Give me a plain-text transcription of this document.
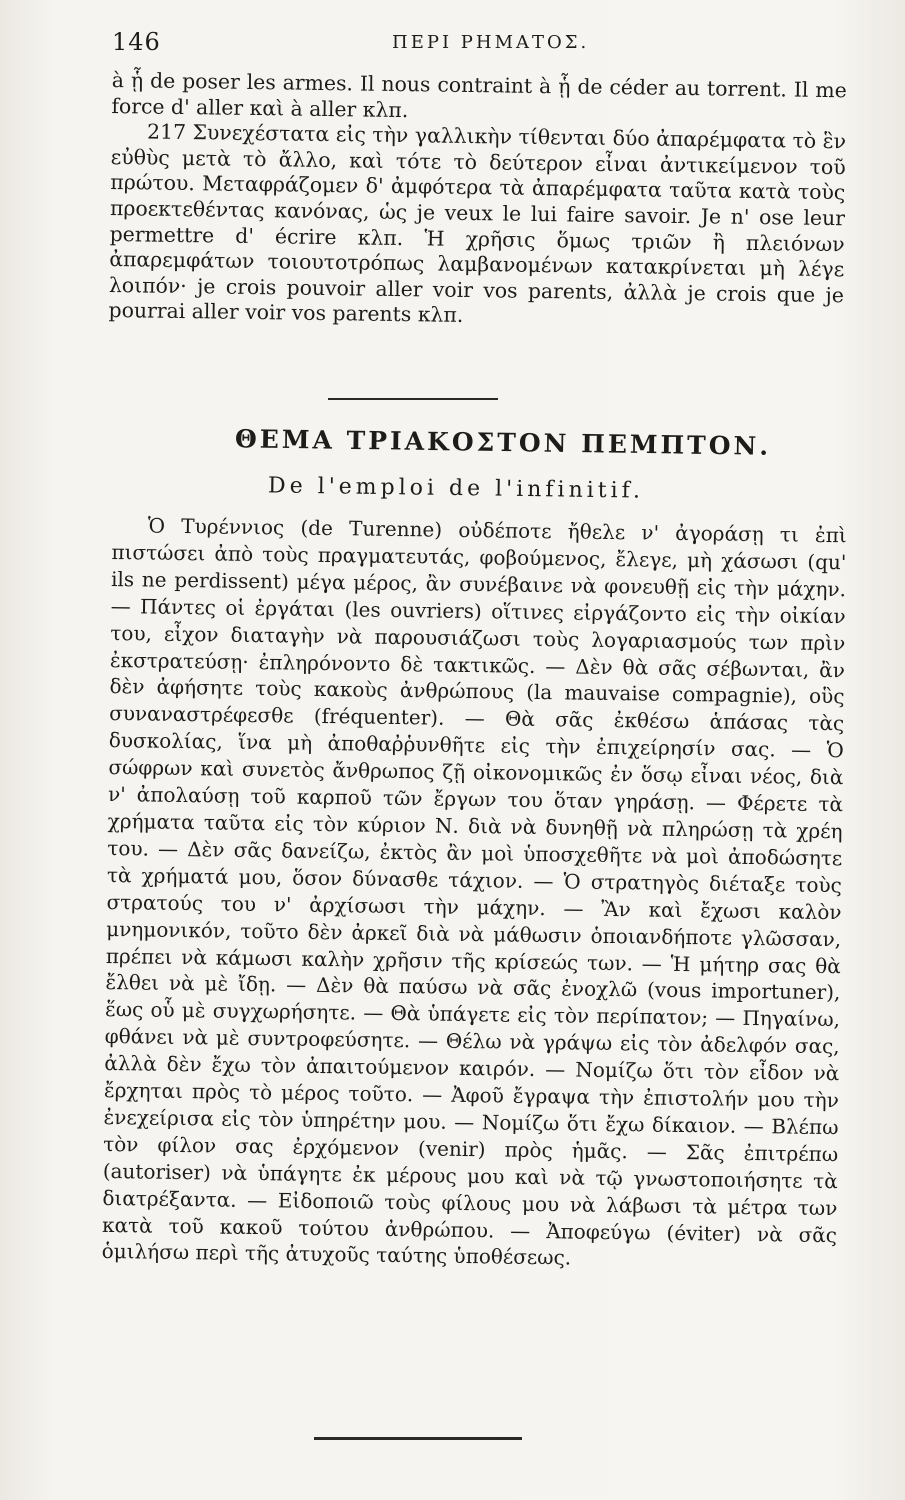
146	ΠΕΡΙ ΡΗΜΑΤΟΣ.

à ᾗ de poser les armes. Il nous contraint à ᾗ de céder au torrent. Il me force d' aller καὶ à aller κλπ.

217 Συνεχέστατα εἰς τὴν γαλλικὴν τίθενται δύο ἀπαρέμφατα τὸ ἓν εὐθὺς μετὰ τὸ ἄλλο, καὶ τότε τὸ δεύτερον εἶναι ἀντικείμενον τοῦ πρώτου. Μεταφράζομεν δ' ἀμφότερα τὰ ἀπαρέμφατα ταῦτα κατὰ τοὺς προεκτεθέντας κανόνας, ὡς je veux le lui faire savoir. Je n' ose leur permettre d' écrire κλπ. Ἡ χρῆσις ὅμως τριῶν ἢ πλειόνων ἀπαρεμφάτων τοιουτοτρόπως λαμβανομένων κατακρίνεται μὴ λέγε λοιπόν· je crois pouvoir aller voir vos parents, ἀλλὰ je crois que je pourrai aller voir vos parents κλπ.

ΘΕΜΑ ΤΡΙΑΚΟΣΤΟΝ ΠΕΜΠΤΟΝ.
De l'emploi de l'infinitif.

Ὁ Τυρέννιος (de Turenne) οὐδέποτε ἤθελε ν' ἀγοράσῃ τι ἐπὶ πιστώσει ἀπὸ τοὺς πραγματευτάς, φοβούμενος, ἔλεγε, μὴ χάσωσι (qu' ils ne perdissent) μέγα μέρος, ἂν συνέβαινε νὰ φονευθῇ εἰς τὴν μάχην. — Πάντες οἱ ἐργάται (les ouvriers) οἵτινες εἰργάζοντο εἰς τὴν οἰκίαν του, εἶχον διαταγὴν νὰ παρουσιάζωσι τοὺς λογαριασμούς των πρὶν ἐκστρατεύσῃ· ἐπληρόνοντο δὲ τακτικῶς. — Δὲν θὰ σᾶς σέβωνται, ἂν δὲν ἀφήσητε τοὺς κακοὺς ἀνθρώπους (la mauvaise compagnie), οὓς συναναστρέφεσθε (fréquenter). — Θὰ σᾶς ἐκθέσω ἁπάσας τὰς δυσκολίας, ἵνα μὴ ἀποθαῤῥυνθῆτε εἰς τὴν ἐπιχείρησίν σας. — Ὁ σώφρων καὶ συνετὸς ἄνθρωπος ζῇ οἰκονομικῶς ἐν ὅσῳ εἶναι νέος, διὰ ν' ἀπολαύσῃ τοῦ καρποῦ τῶν ἔργων του ὅταν γηράσῃ. — Φέρετε τὰ χρήματα ταῦτα εἰς τὸν κύριον Ν. διὰ νὰ δυνηθῇ νὰ πληρώσῃ τὰ χρέη του. — Δὲν σᾶς δανείζω, ἐκτὸς ἂν μοὶ ὑποσχεθῆτε νὰ μοὶ ἀποδώσητε τὰ χρήματά μου, ὅσον δύνασθε τάχιον. — Ὁ στρατηγὸς διέταξε τοὺς στρατούς του ν' ἀρχίσωσι τὴν μάχην. — Ἂν καὶ ἔχωσι καλὸν μνημονικόν, τοῦτο δὲν ἀρκεῖ διὰ νὰ μάθωσιν ὁποιανδήποτε γλῶσσαν, πρέπει νὰ κάμωσι καλὴν χρῆσιν τῆς κρίσεώς των. — Ἡ μήτηρ σας θὰ ἔλθει νὰ μὲ ἴδῃ. — Δὲν θὰ παύσω νὰ σᾶς ἐνοχλῶ (vous importuner), ἕως οὗ μὲ συγχωρήσητε. — Θὰ ὑπάγετε εἰς τὸν περίπατον; — Πηγαίνω, φθάνει νὰ μὲ συντροφεύσητε. — Θέλω νὰ γράψω εἰς τὸν ἀδελφόν σας, ἀλλὰ δὲν ἔχω τὸν ἀπαιτούμενον καιρόν. — Νομίζω ὅτι τὸν εἶδον νὰ ἔρχηται πρὸς τὸ μέρος τοῦτο. — Ἀφοῦ ἔγραψα τὴν ἐπιστολήν μου τὴν ἐνεχείρισα εἰς τὸν ὑπηρέτην μου. — Νομίζω ὅτι ἔχω δίκαιον. — Βλέπω τὸν φίλον σας ἐρχόμενον (venir) πρὸς ἡμᾶς. — Σᾶς ἐπιτρέπω (autoriser) νὰ ὑπάγητε ἐκ μέρους μου καὶ νὰ τῷ γνωστοποιήσητε τὰ διατρέξαντα. — Εἰδοποιῶ τοὺς φίλους μου νὰ λάβωσι τὰ μέτρα των κατὰ τοῦ κακοῦ τούτου ἀνθρώπου. — Ἀποφεύγω (éviter) νὰ σᾶς ὁμιλήσω περὶ τῆς ἀτυχοῦς ταύτης ὑποθέσεως.
